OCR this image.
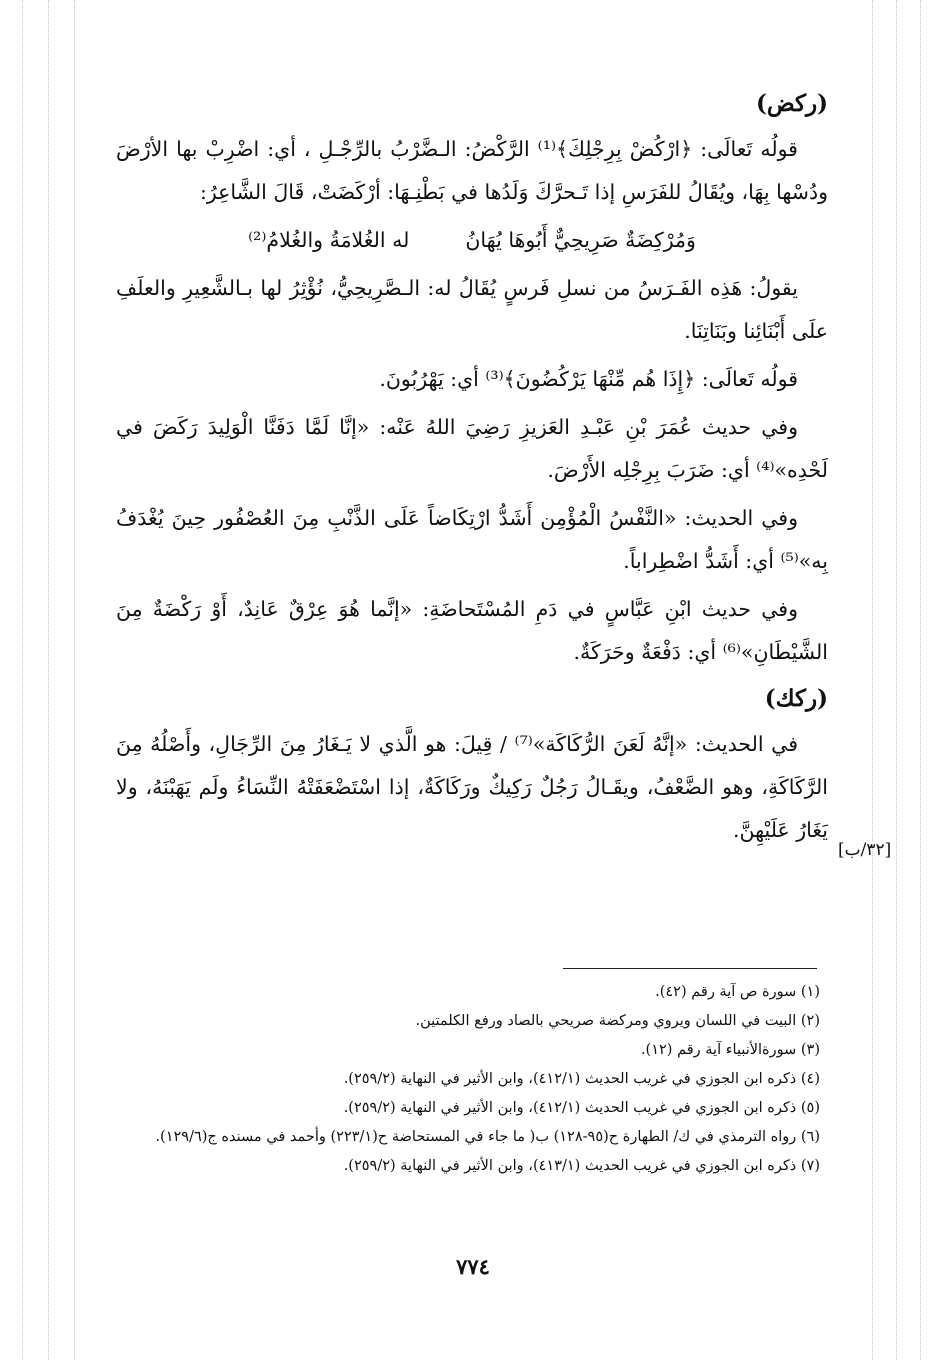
(ركض)

قولُه تَعالَى: ﴿ارْكُضْ بِرِجْلِكَ﴾⁽¹⁾ الرَّكْضُ: الـضَّرْبُ بالرِّجْـلِ ، أي: اضْرِبْ بها الأرْضَ ودُسْها بِهَا، ويُقَالُ للفَرَسِ إذا تَـحرَّكَ وَلَدُها في بَطْنِـهَا: أرْكَضَتْ، قَالَ الشَّاعِرُ:

وَمُرْكِضَةٌ صَرِيحِيٌّ أَبُوهَا يُهَانُ
له الغُلامَةُ والغُلامُ⁽²⁾

يقولُ: هَذِه الفَـرَسُ من نسلِ فَرسٍ يُقَالُ له: الـصَّرِيحِيُّ، نُؤْثِرُ لها بـالشَّعِيرِ والعلَفِ علَى أَبْنَائِنا وبَنَاتِنَا.

قولُه تَعالَى: ﴿إِذَا هُم مِّنْهَا يَرْكُضُونَ﴾⁽³⁾ أي: يَهْرُبُونَ.

وفي حديث عُمَرَ بْنِ عَبْـدِ العَزيزِ رَضِيَ اللهُ عَنْه: «إنَّا لَمَّا دَفَنَّا الْوَلِيدَ رَكَضَ في لَحْدِه»⁽⁴⁾ أي: ضَرَبَ بِرِجْلِه الأَرْضَ.

وفي الحديث: «النَّفْسُ الْمُؤْمِن أَشَدُّ ارْتِكَاضاً عَلَى الذَّنْبِ مِنَ العُصْفُور حِينَ يُغْدَفُ بِه»⁽⁵⁾ أي: أَشَدُّ اضْطِراباً.

وفي حديث ابْنِ عَبَّاسٍ في دَمِ المُسْتَحاضَةِ: «إنَّما هُوَ عِرْقٌ عَانِدٌ، أَوْ رَكْضَةٌ مِنَ الشَّيْطَانِ»⁽⁶⁾ أي: دَفْعَةٌ وحَرَكَةٌ.

(ركك)

في الحديث: «إنَّهُ لَعَنَ الرُّكَاكَة»⁽⁷⁾ / قِيلَ: هو الَّذي لا يَـغَارُ مِنَ الرِّجَالِ، وأَصْلُهُ مِنَ الرَّكَاكَةِ، وهو الضَّعْفُ، ويقَـالُ رَجُلٌ رَكِيكٌ ورَكَاكَةٌ، إذا اسْتَضْعَفَتْهُ النِّسَاءُ ولَم يَهَبْنَهُ، ولا يَغَارُ عَلَيْهِنَّ.

[٣٢/ب]
(١) سورة ص آية رقم (٤٢).
(٢) البيت في اللسان ويروي ومركضة صريحي بالصاد ورفع الكلمتين.
(٣) سورةالأنبياء آية رقم (١٢).
(٤) ذكره ابن الجوزي في غريب الحديث (٤١٢/١)، وابن الأثير في النهاية (٢٥٩/٢).
(٥) ذكره ابن الجوزي في غريب الحديث (٤١٢/١)، وابن الأثير في النهاية (٢٥٩/٢).
(٦) رواه الترمذي في ك/ الطهارة ح(٩٥-١٢٨) ب( ما جاء في المستحاضة ح(٢٢٣/١) وأحمد في مسنده ج(١٢٩/٦).
(٧) ذكره ابن الجوزي في غريب الحديث (٤١٣/١)، وابن الأثير في النهاية (٢٥٩/٢).
٧٧٤
